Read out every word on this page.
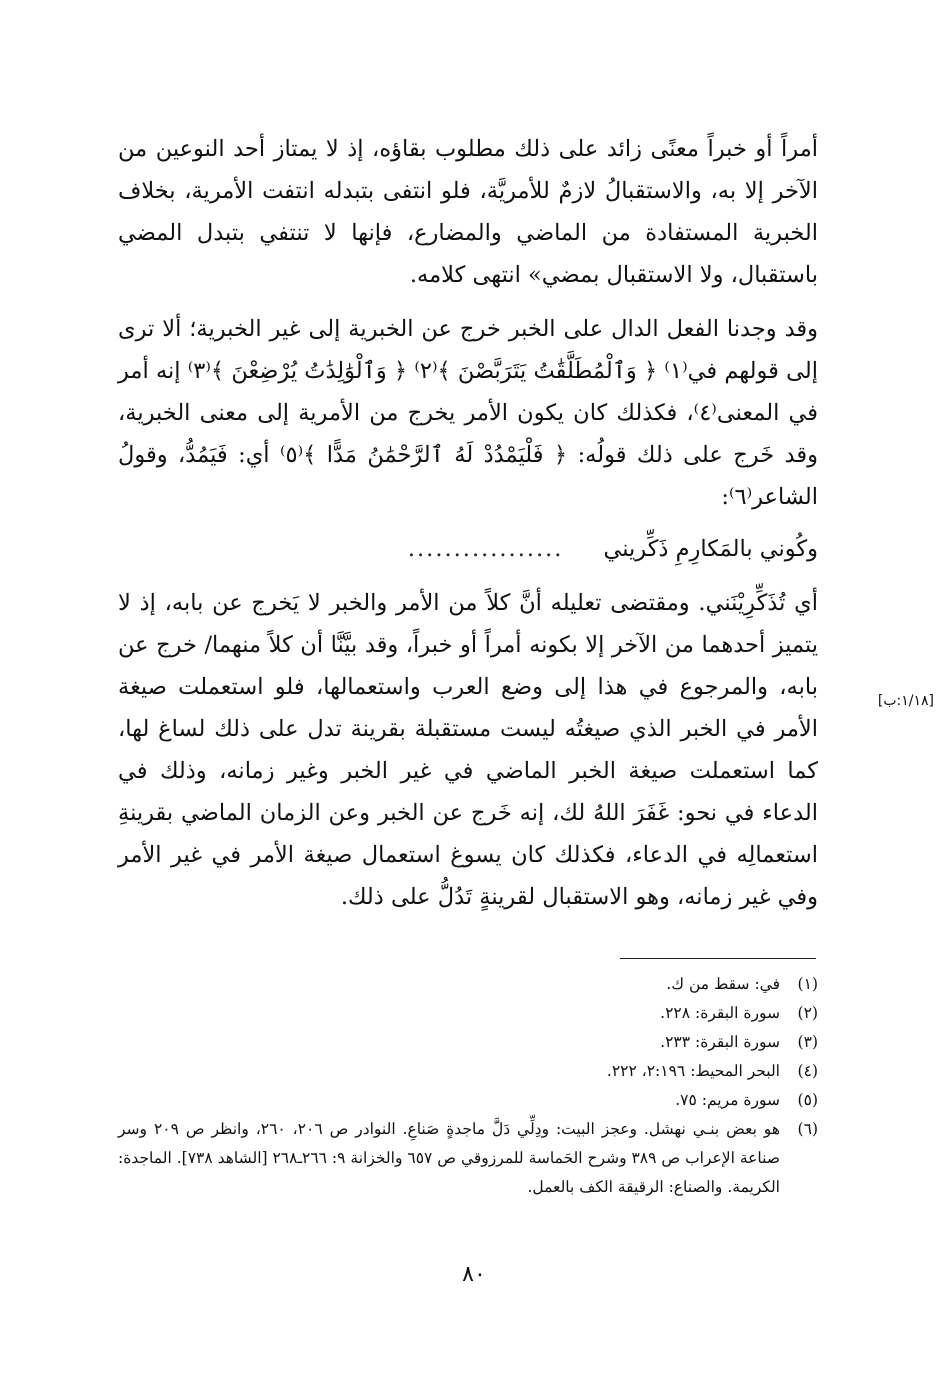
أمراً أو خبراً معنًى زائد على ذلك مطلوب بقاؤه، إذ لا يمتاز أحد النوعين من الآخر إلا به، والاستقبالُ لازمٌ للأمريَّة، فلو انتفى بتبدله انتفت الأمرية، بخلاف الخبرية المستفادة من الماضي والمضارع، فإنها لا تنتفي بتبدل المضي باستقبال، ولا الاستقبال بمضي» انتهى كلامه.

وقد وجدنا الفعل الدال على الخبر خرج عن الخبرية إلى غير الخبرية؛ ألا ترى إلى قولهم في⁽١⁾ ﴿ وَٱلْمُطَلَّقَٰتُ يَتَرَبَّصْنَ ﴾⁽٢⁾ ﴿ وَٱلْوَٰلِدَٰتُ يُرْضِعْنَ ﴾⁽٣⁾ إنه أمر في المعنى⁽٤⁾، فكذلك كان يكون الأمر يخرج من الأمرية إلى معنى الخبرية، وقد خَرج على ذلك قولُه: ﴿ فَلْيَمْدُدْ لَهُ ٱلرَّحْمَٰنُ مَدًّا ﴾⁽٥⁾ أي: فَيَمُدُّ، وقولُ الشاعر⁽٦⁾:

وكُوني بالمَكارِمِ ذَكِّريني
.................

أي تُذَكِّرِيْنَني. ومقتضى تعليله أنَّ كلاً من الأمر والخبر لا يَخرج عن بابه، إذ لا يتميز أحدهما من الآخر إلا بكونه أمراً أو خبراً، وقد بيَّنَّا أن كلاً منهما/ خرج عن بابه، والمرجوع في هذا إلى وضع العرب واستعمالها، فلو استعملت صيغة الأمر في الخبر الذي صيغتُه ليست مستقبلة بقرينة تدل على ذلك لساغ لها، كما استعملت صيغة الخبر الماضي في غير الخبر وغير زمانه، وذلك في الدعاء في نحو: غَفَرَ اللهُ لك، إنه خَرج عن الخبر وعن الزمان الماضي بقرينةِ استعمالِه في الدعاء، فكذلك كان يسوغ استعمال صيغة الأمر في غير الأمر وفي غير زمانه، وهو الاستقبال لقرينةٍ تَدُلُّ على ذلك.

[١/١٨:ب]
(١)
في: سقط من ك.
(٢)
سورة البقرة: ٢٢٨.
(٣)
سورة البقرة: ٢٣٣.
(٤)
البحر المحيط: ٢:١٩٦، ٢٢٢.
(٥)
سورة مريم: ٧٥.
(٦)
هو بعض بنـي نهشل. وعجز البيت: ودِلِّي دَلَّ ماجدةٍ صَناعِ. النوادر ص ٢٠٦، ٢٦٠، وانظر ص ٢٠٩ وسر صناعة الإعراب ص ٣٨٩ وشرح الحَماسة للمرزوقي ص ٦٥٧ والخزانة ٩: ٢٦٦ـ٢٦٨ [الشاهد ٧٣٨]. الماجدة: الكريمة. والصناع: الرقيقة الكف بالعمل.
٨٠
